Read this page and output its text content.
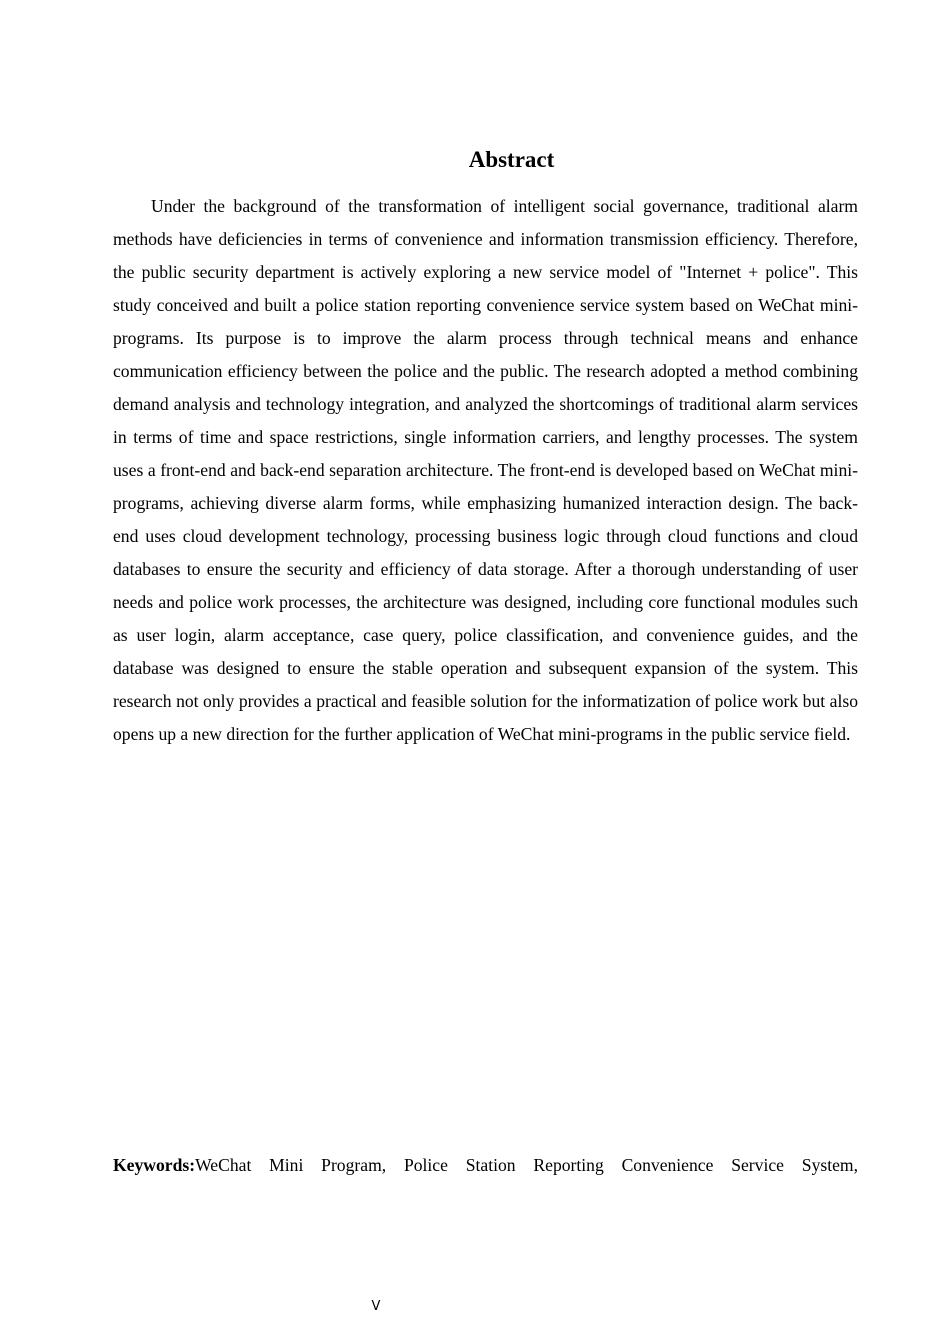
Abstract

Under the background of the transformation of intelligent social governance, traditional alarm methods have deficiencies in terms of convenience and information transmission efficiency. Therefore, the public security department is actively exploring a new service model of "Internet + police". This study conceived and built a police station reporting convenience service system based on WeChat mini-programs. Its purpose is to improve the alarm process through technical means and enhance communication efficiency between the police and the public. The research adopted a method combining demand analysis and technology integration, and analyzed the shortcomings of traditional alarm services in terms of time and space restrictions, single information carriers, and lengthy processes. The system uses a front-end and back-end separation architecture. The front-end is developed based on WeChat mini-programs, achieving diverse alarm forms, while emphasizing humanized interaction design. The back-end uses cloud development technology, processing business logic through cloud functions and cloud databases to ensure the security and efficiency of data storage. After a thorough understanding of user needs and police work processes, the architecture was designed, including core functional modules such as user login, alarm acceptance, case query, police classification, and convenience guides, and the database was designed to ensure the stable operation and subsequent expansion of the system. This research not only provides a practical and feasible solution for the informatization of police work but also opens up a new direction for the further application of WeChat mini-programs in the public service field.

Keywords:WeChat Mini Program, Police Station Reporting Convenience Service System,

V
